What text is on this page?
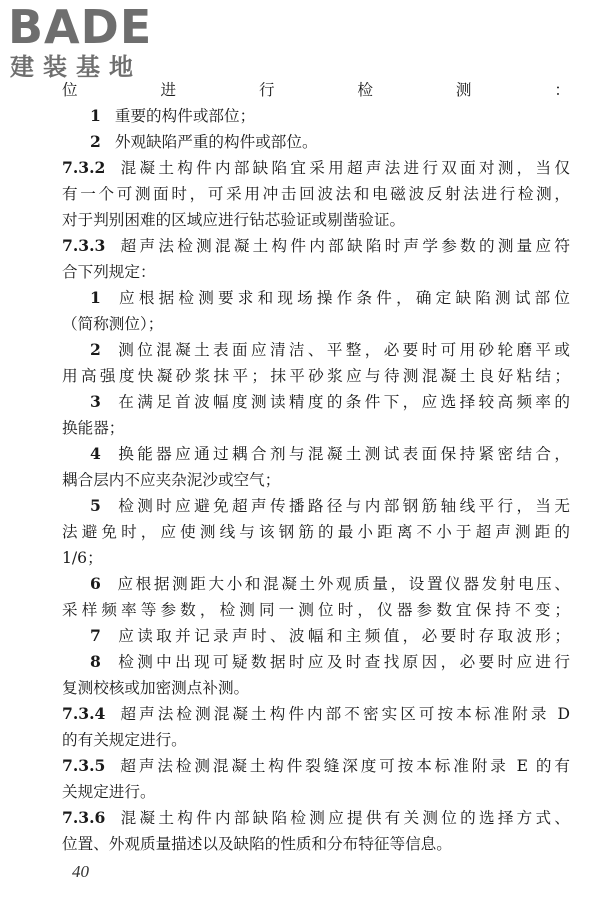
BADE
建装基地
位进行检测：
1 重要的构件或部位；
2 外观缺陷严重的构件或部位。
7.3.2 混凝土构件内部缺陷宜采用超声法进行双面对测，当仅
有一个可测面时，可采用冲击回波法和电磁波反射法进行检测，
对于判别困难的区域应进行钻芯验证或剔凿验证。
7.3.3 超声法检测混凝土构件内部缺陷时声学参数的测量应符
合下列规定：
1 应根据检测要求和现场操作条件，确定缺陷测试部位
（简称测位）；
2 测位混凝土表面应清洁、平整，必要时可用砂轮磨平或
用高强度快凝砂浆抹平；抹平砂浆应与待测混凝土良好粘结；
3 在满足首波幅度测读精度的条件下，应选择较高频率的
换能器；
4 换能器应通过耦合剂与混凝土测试表面保持紧密结合，
耦合层内不应夹杂泥沙或空气；
5 检测时应避免超声传播路径与内部钢筋轴线平行，当无
法避免时，应使测线与该钢筋的最小距离不小于超声测距的
1/6；
6 应根据测距大小和混凝土外观质量，设置仪器发射电压、
采样频率等参数，检测同一测位时，仪器参数宜保持不变；
7 应读取并记录声时、波幅和主频值，必要时存取波形；
8 检测中出现可疑数据时应及时查找原因，必要时应进行
复测校核或加密测点补测。
7.3.4 超声法检测混凝土构件内部不密实区可按本标准附录 D
的有关规定进行。
7.3.5 超声法检测混凝土构件裂缝深度可按本标准附录 E 的有
关规定进行。
7.3.6 混凝土构件内部缺陷检测应提供有关测位的选择方式、
位置、外观质量描述以及缺陷的性质和分布特征等信息。
40
